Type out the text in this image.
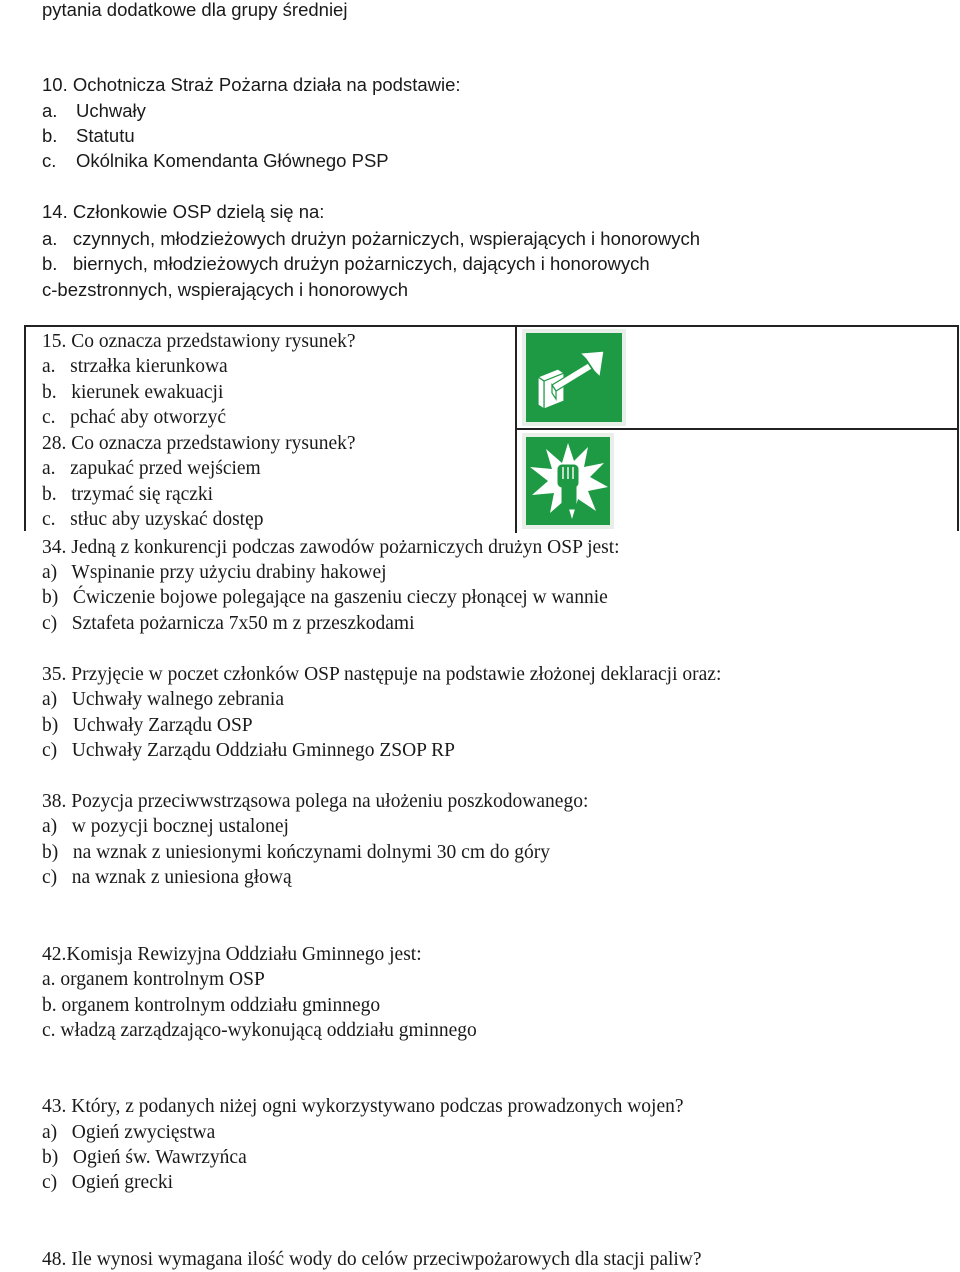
pytania dodatkowe dla grupy średniej
10. Ochotnicza Straż Pożarna działa na podstawie:
a. Uchwały
b. Statutu
c. Okólnika Komendanta Głównego PSP
14. Członkowie OSP dzielą się na:
a.   czynnych, młodzieżowych drużyn pożarniczych, wspierających i honorowych
b.   biernych, młodzieżowych drużyn pożarniczych, dających i honorowych
c-bezstronnych, wspierających i honorowych
15. Co oznacza przedstawiony rysunek?
a.   strzałka kierunkowa
b.   kierunek ewakuacji
c.   pchać aby otworzyć
28. Co oznacza przedstawiony rysunek?
a.   zapukać przed wejściem
b.   trzymać się rączki
c.   stłuc aby uzyskać dostęp
34. Jedną z konkurencji podczas zawodów pożarniczych drużyn OSP jest:
a)   Wspinanie przy użyciu drabiny hakowej
b)   Ćwiczenie bojowe polegające na gaszeniu cieczy płonącej w wannie
c)   Sztafeta pożarnicza 7x50 m z przeszkodami
35. Przyjęcie w poczet członków OSP następuje na podstawie złożonej deklaracji oraz:
a)   Uchwały walnego zebrania
b)   Uchwały Zarządu OSP
c)   Uchwały Zarządu Oddziału Gminnego ZSOP RP
38. Pozycja przeciwwstrząsowa polega na ułożeniu poszkodowanego:
a)   w pozycji bocznej ustalonej
b)   na wznak z uniesionymi kończynami dolnymi 30 cm do góry
c)   na wznak z uniesiona głową
42.Komisja Rewizyjna Oddziału Gminnego jest:
a. organem kontrolnym OSP
b. organem kontrolnym oddziału gminnego
c. władzą zarządzająco-wykonującą oddziału gminnego
43. Który, z podanych niżej ogni wykorzystywano podczas prowadzonych wojen?
a)   Ogień zwycięstwa
b)   Ogień św. Wawrzyńca
c)   Ogień grecki
48. Ile wynosi wymagana ilość wody do celów przeciwpożarowych dla stacji paliw?
